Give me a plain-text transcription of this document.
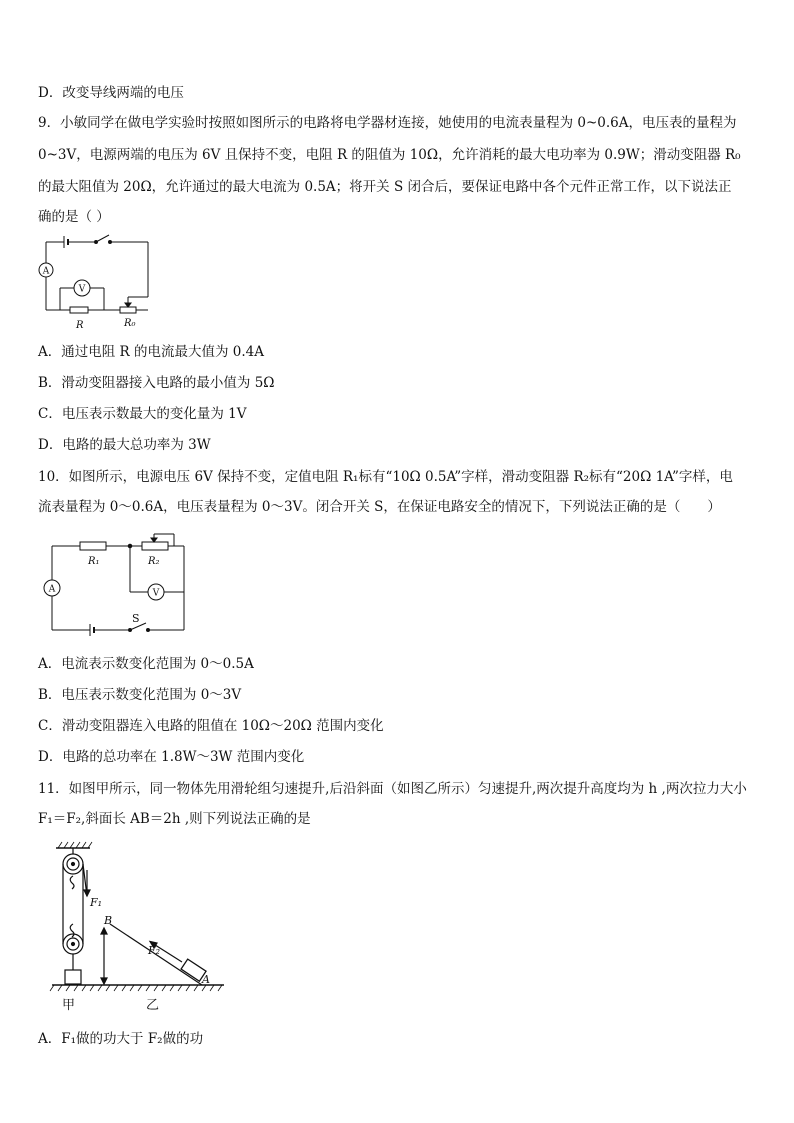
D．改变导线两端的电压
9．小敏同学在做电学实验时按照如图所示的电路将电学器材连接，她使用的电流表量程为 0~0.6A，电压表的量程为
0~3V，电源两端的电压为 6V 且保持不变，电阻 R 的阻值为 10Ω，允许消耗的最大电功率为 0.9W；滑动变阻器 R₀
的最大阻值为 20Ω，允许通过的最大电流为 0.5A；将开关 S 闭合后，要保证电路中各个元件正常工作，以下说法正
确的是（ ）
A
V
R	R₀
A．通过电阻 R 的电流最大值为 0.4A
B．滑动变阻器接入电路的最小值为 5Ω
C．电压表示数最大的变化量为 1V
D．电路的最大总功率为 3W
10．如图所示，电源电压 6V 保持不变，定值电阻 R₁标有“10Ω 0.5A”字样，滑动变阻器 R₂标有“20Ω 1A”字样，电
流表量程为 0～0.6A，电压表量程为 0～3V。闭合开关 S，在保证电路安全的情况下，下列说法正确的是（　　）
V
A
R₁	R₂
S
A．电流表示数变化范围为 0～0.5A
B．电压表示数变化范围为 0～3V
C．滑动变阻器连入电路的阻值在 10Ω～20Ω 范围内变化
D．电路的总功率在 1.8W～3W 范围内变化
11．如图甲所示，同一物体先用滑轮组匀速提升,后沿斜面（如图乙所示）匀速提升,两次提升高度均为 h ,两次拉力大小
F₁＝F₂,斜面长 AB＝2h ,则下列说法正确的是
F₁
B
F₂
A
甲	乙
A．F₁做的功大于 F₂做的功
